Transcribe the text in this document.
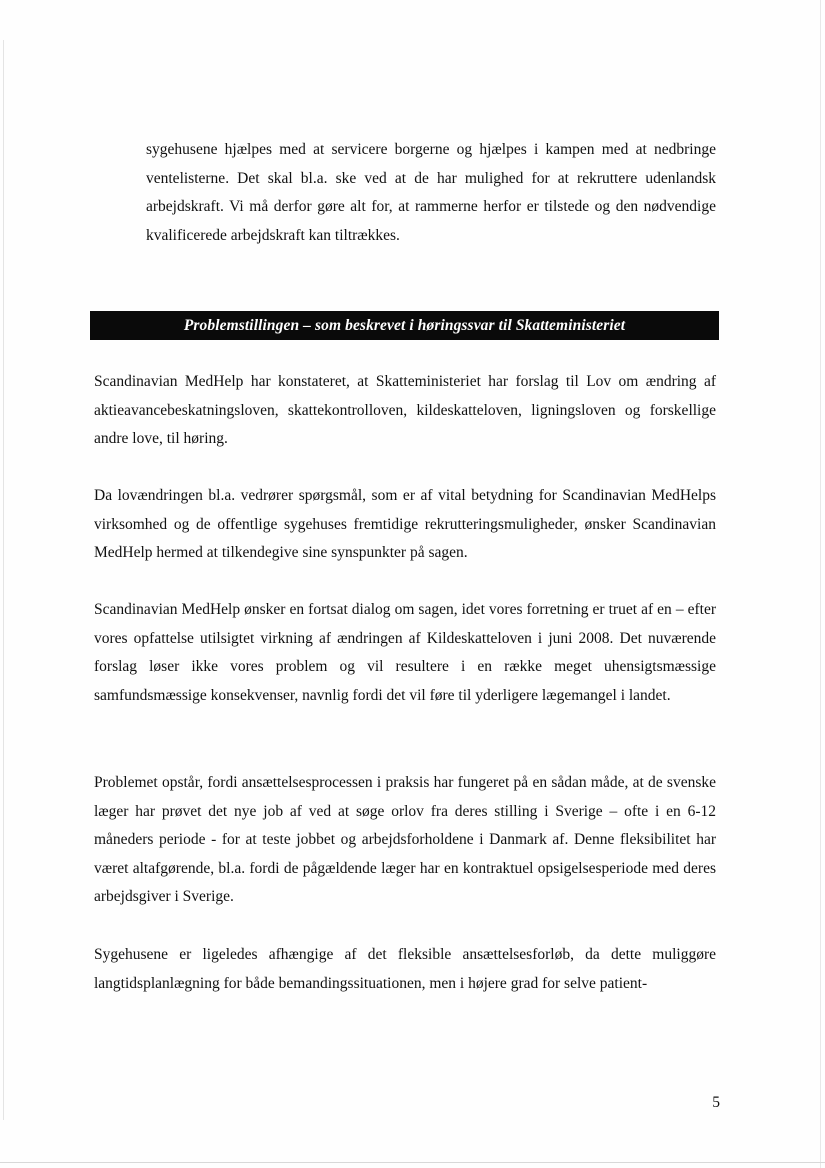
sygehusene hjælpes med at servicere borgerne og hjælpes i kampen med at nedbringe ventelisterne. Det skal bl.a. ske ved at de har mulighed for at rekruttere udenlandsk arbejdskraft. Vi må derfor gøre alt for, at rammerne herfor er tilstede og den nødvendige kvalificerede arbejdskraft kan tiltrækkes.

Problemstillingen – som beskrevet i høringssvar til Skatteministeriet

Scandinavian MedHelp har konstateret, at Skatteministeriet har forslag til Lov om ændring af aktieavancebeskatningsloven, skattekontrolloven, kildeskatteloven, ligningsloven og forskellige andre love, til høring.

Da lovændringen bl.a. vedrører spørgsmål, som er af vital betydning for Scandinavian MedHelps virksomhed og de offentlige sygehuses fremtidige rekrutteringsmuligheder, ønsker Scandinavian MedHelp hermed at tilkendegive sine synspunkter på sagen.

Scandinavian MedHelp ønsker en fortsat dialog om sagen, idet vores forretning er truet af en – efter vores opfattelse utilsigtet virkning af ændringen af Kildeskatteloven i juni 2008. Det nuværende forslag løser ikke vores problem og vil resultere i en række meget uhensigtsmæssige samfundsmæssige konsekvenser, navnlig fordi det vil føre til yderligere lægemangel i landet.

Problemet opstår, fordi ansættelsesprocessen i praksis har fungeret på en sådan måde, at de svenske læger har prøvet det nye job af ved at søge orlov fra deres stilling i Sverige – ofte i en 6-12 måneders periode - for at teste jobbet og arbejdsforholdene i Danmark af. Denne fleksibilitet har været altafgørende, bl.a. fordi de pågældende læger har en kontraktuel opsigelsesperiode med deres arbejdsgiver i Sverige.

Sygehusene er ligeledes afhængige af det fleksible ansættelsesforløb, da dette muliggøre langtidsplanlægning for både bemandingssituationen, men i højere grad for selve patient-

5
